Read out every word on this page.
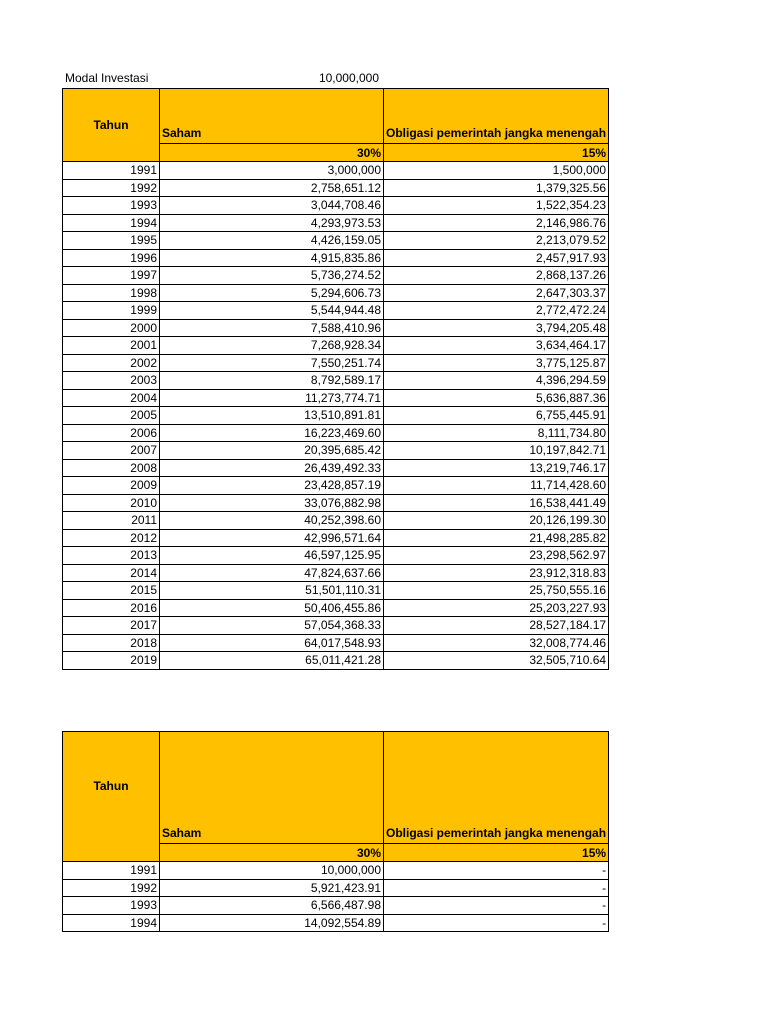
Modal Investasi	10,000,000
Tahun	Saham	Obligasi pemerintah jangka menengah
	30%	15%
1991	3,000,000	1,500,000
1992	2,758,651.12	1,379,325.56
1993	3,044,708.46	1,522,354.23
1994	4,293,973.53	2,146,986.76
1995	4,426,159.05	2,213,079.52
1996	4,915,835.86	2,457,917.93
1997	5,736,274.52	2,868,137.26
1998	5,294,606.73	2,647,303.37
1999	5,544,944.48	2,772,472.24
2000	7,588,410.96	3,794,205.48
2001	7,268,928.34	3,634,464.17
2002	7,550,251.74	3,775,125.87
2003	8,792,589.17	4,396,294.59
2004	11,273,774.71	5,636,887.36
2005	13,510,891.81	6,755,445.91
2006	16,223,469.60	8,111,734.80
2007	20,395,685.42	10,197,842.71
2008	26,439,492.33	13,219,746.17
2009	23,428,857.19	11,714,428.60
2010	33,076,882.98	16,538,441.49
2011	40,252,398.60	20,126,199.30
2012	42,996,571.64	21,498,285.82
2013	46,597,125.95	23,298,562.97
2014	47,824,637.66	23,912,318.83
2015	51,501,110.31	25,750,555.16
2016	50,406,455.86	25,203,227.93
2017	57,054,368.33	28,527,184.17
2018	64,017,548.93	32,008,774.46
2019	65,011,421.28	32,505,710.64
Tahun	Saham	Obligasi pemerintah jangka menengah
	30%	15%
1991	10,000,000	-
1992	5,921,423.91	-
1993	6,566,487.98	-
1994	14,092,554.89	-
